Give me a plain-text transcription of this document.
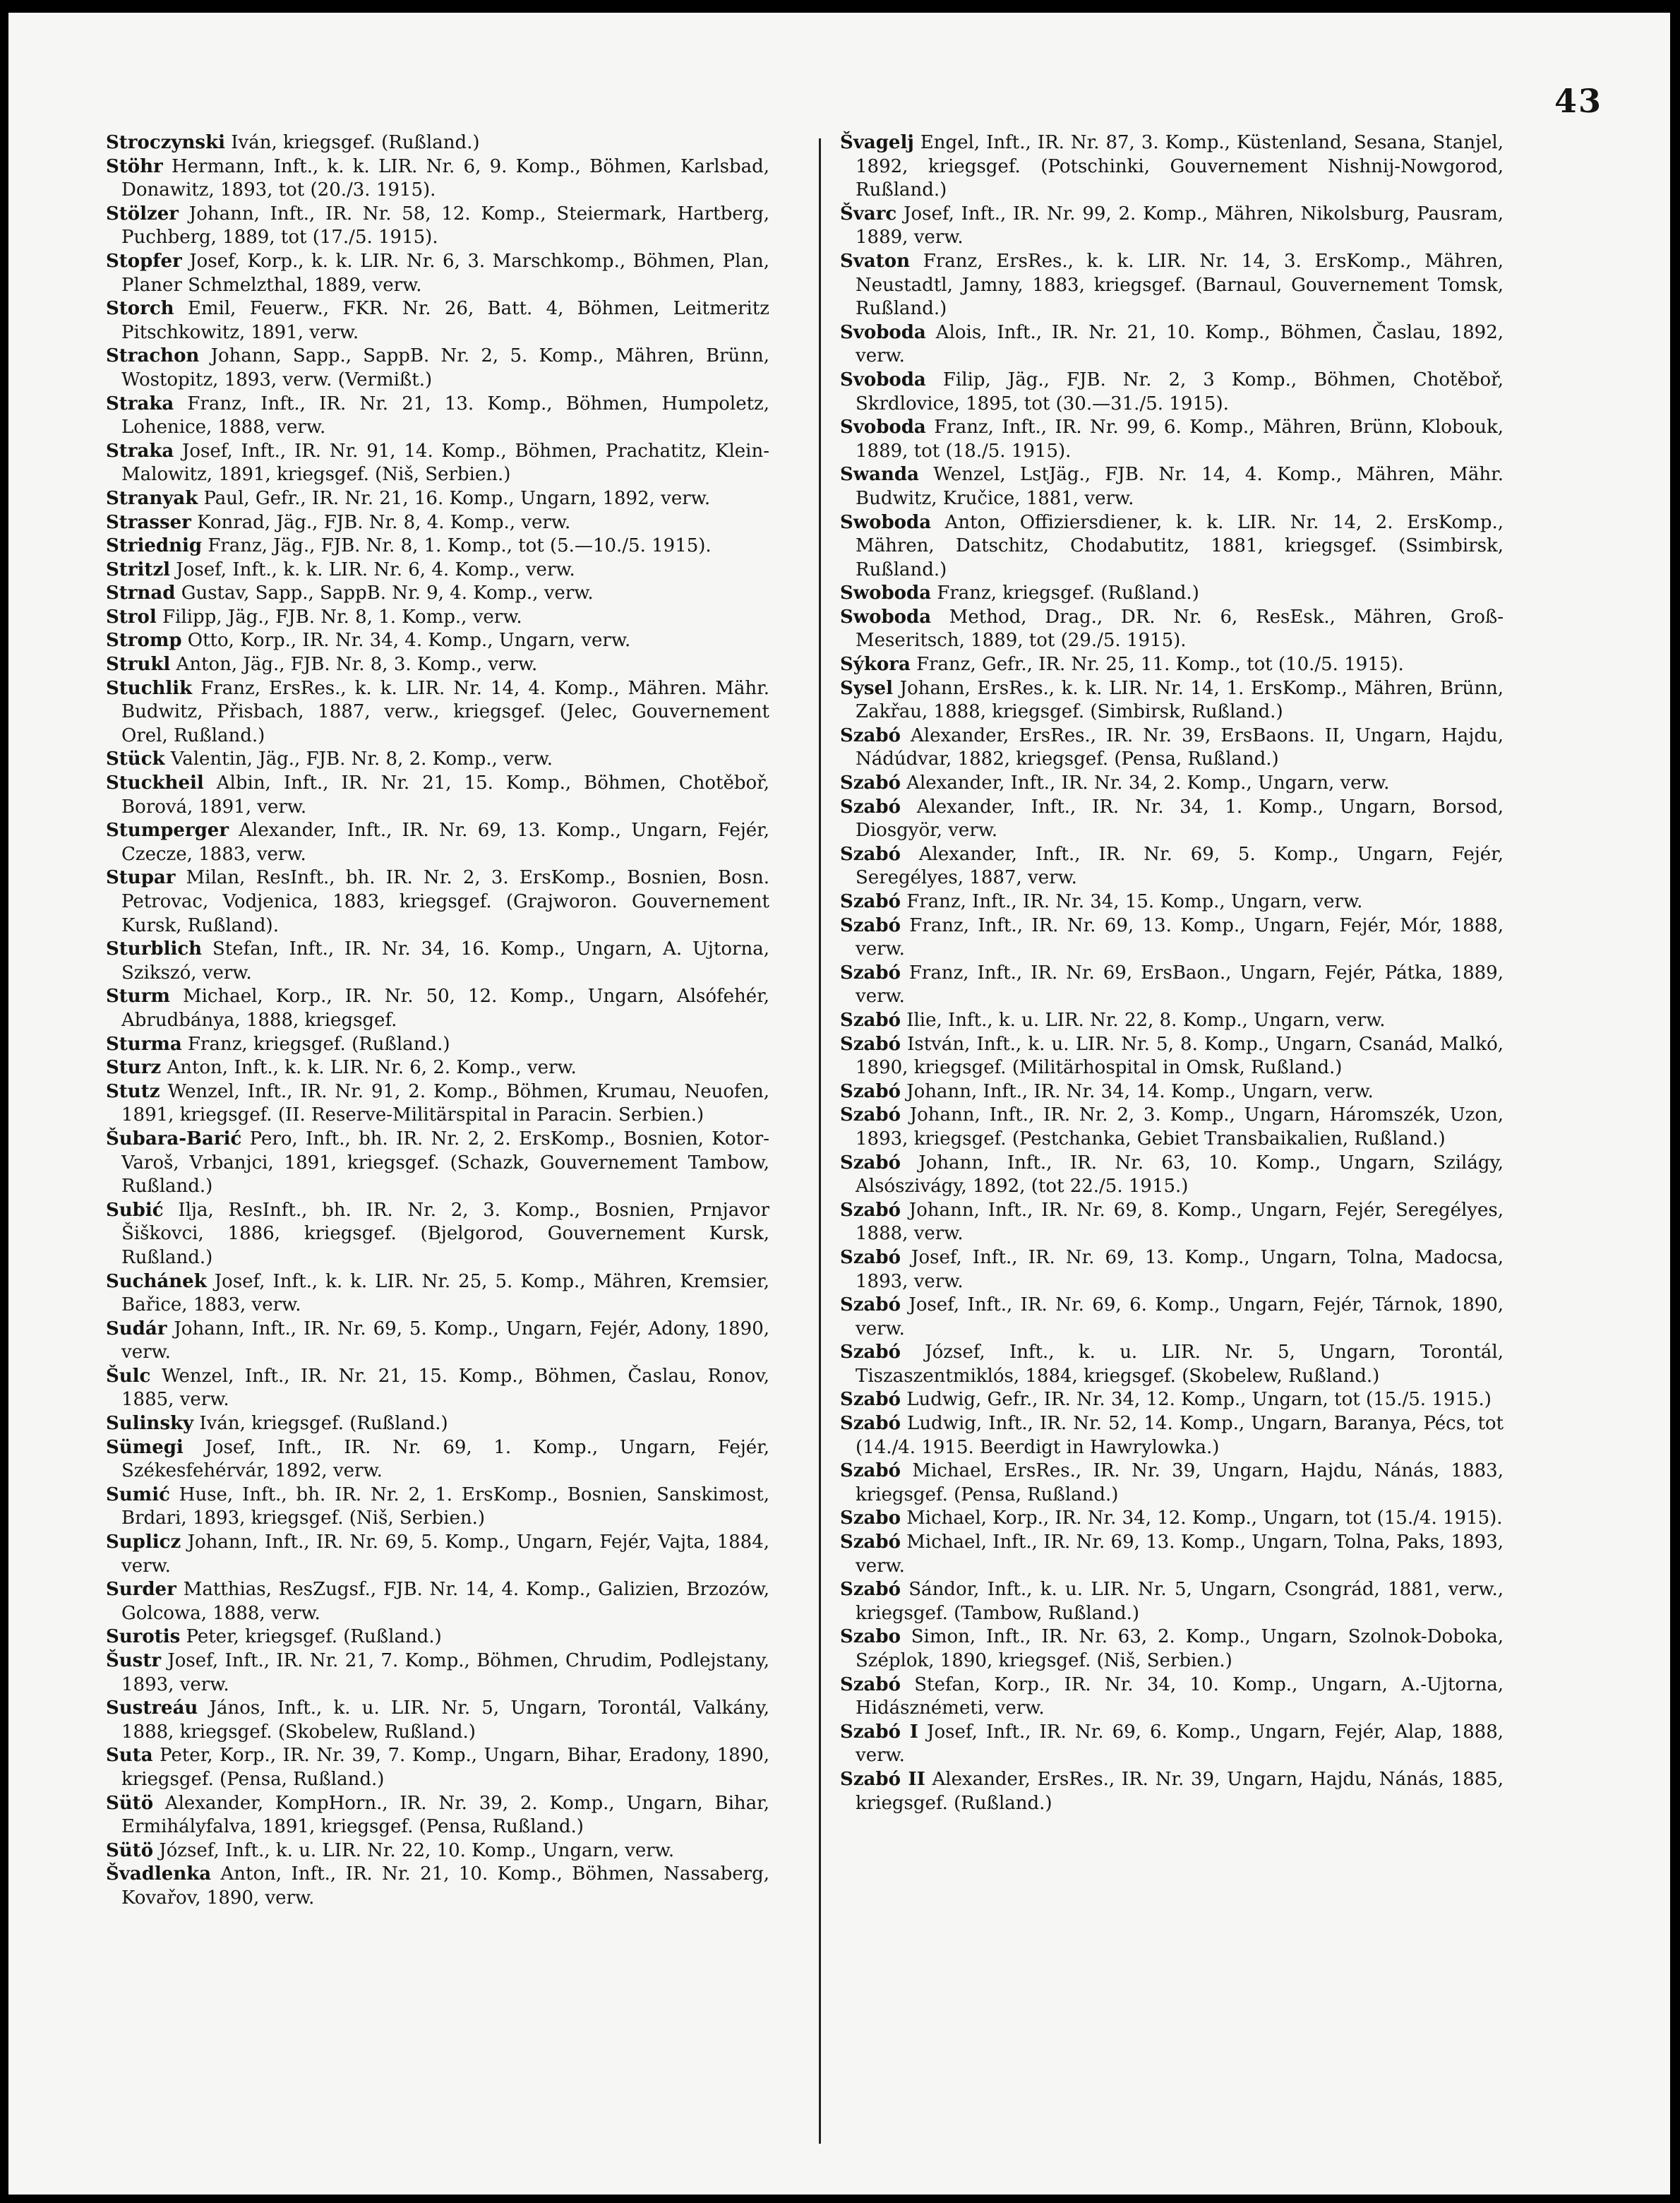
43

Stroczynski Iván, kriegsgef. (Rußland.)

Stöhr Hermann, Inft., k. k. LIR. Nr. 6, 9. Komp., Böhmen, Karlsbad, Donawitz, 1893, tot (20./3. 1915).

Stölzer Johann, Inft., IR. Nr. 58, 12. Komp., Steiermark, Hartberg, Puchberg, 1889, tot (17./5. 1915).

Stopfer Josef, Korp., k. k. LIR. Nr. 6, 3. Marschkomp., Böhmen, Plan, Planer Schmelzthal, 1889, verw.

Storch Emil, Feuerw., FKR. Nr. 26, Batt. 4, Böhmen, Leitmeritz Pitschkowitz, 1891, verw.

Strachon Johann, Sapp., SappB. Nr. 2, 5. Komp., Mähren, Brünn, Wostopitz, 1893, verw. (Vermißt.)

Straka Franz, Inft., IR. Nr. 21, 13. Komp., Böhmen, Humpoletz, Lohenice, 1888, verw.

Straka Josef, Inft., IR. Nr. 91, 14. Komp., Böhmen, Prachatitz, Klein-Malowitz, 1891, kriegsgef. (Niš, Serbien.)

Stranyak Paul, Gefr., IR. Nr. 21, 16. Komp., Ungarn, 1892, verw.

Strasser Konrad, Jäg., FJB. Nr. 8, 4. Komp., verw.

Striednig Franz, Jäg., FJB. Nr. 8, 1. Komp., tot (5.—10./5. 1915).

Stritzl Josef, Inft., k. k. LIR. Nr. 6, 4. Komp., verw.

Strnad Gustav, Sapp., SappB. Nr. 9, 4. Komp., verw.

Strol Filipp, Jäg., FJB. Nr. 8, 1. Komp., verw.

Stromp Otto, Korp., IR. Nr. 34, 4. Komp., Ungarn, verw.

Strukl Anton, Jäg., FJB. Nr. 8, 3. Komp., verw.

Stuchlik Franz, ErsRes., k. k. LIR. Nr. 14, 4. Komp., Mähren. Mähr. Budwitz, Přisbach, 1887, verw., kriegsgef. (Jelec, Gouvernement Orel, Rußland.)

Stück Valentin, Jäg., FJB. Nr. 8, 2. Komp., verw.

Stuckheil Albin, Inft., IR. Nr. 21, 15. Komp., Böhmen, Chotěboř, Borová, 1891, verw.

Stumperger Alexander, Inft., IR. Nr. 69, 13. Komp., Ungarn, Fejér, Czecze, 1883, verw.

Stupar Milan, ResInft., bh. IR. Nr. 2, 3. ErsKomp., Bosnien, Bosn. Petrovac, Vodjenica, 1883, kriegsgef. (Grajworon. Gouvernement Kursk, Rußland).

Sturblich Stefan, Inft., IR. Nr. 34, 16. Komp., Ungarn, A. Ujtorna, Szikszó, verw.

Sturm Michael, Korp., IR. Nr. 50, 12. Komp., Ungarn, Alsófehér, Abrudbánya, 1888, kriegsgef.

Sturma Franz, kriegsgef. (Rußland.)

Sturz Anton, Inft., k. k. LIR. Nr. 6, 2. Komp., verw.

Stutz Wenzel, Inft., IR. Nr. 91, 2. Komp., Böhmen, Krumau, Neuofen, 1891, kriegsgef. (II. Reserve-Militärspital in Paracin. Serbien.)

Šubara-Barić Pero, Inft., bh. IR. Nr. 2, 2. ErsKomp., Bosnien, Kotor-Varoš, Vrbanjci, 1891, kriegsgef. (Schazk, Gouvernement Tambow, Rußland.)

Subić Ilja, ResInft., bh. IR. Nr. 2, 3. Komp., Bosnien, Prnjavor Šiškovci, 1886, kriegsgef. (Bjelgorod, Gouvernement Kursk, Rußland.)

Suchánek Josef, Inft., k. k. LIR. Nr. 25, 5. Komp., Mähren, Kremsier, Bařice, 1883, verw.

Sudár Johann, Inft., IR. Nr. 69, 5. Komp., Ungarn, Fejér, Adony, 1890, verw.

Šulc Wenzel, Inft., IR. Nr. 21, 15. Komp., Böhmen, Časlau, Ronov, 1885, verw.

Sulinsky Iván, kriegsgef. (Rußland.)

Sümegi Josef, Inft., IR. Nr. 69, 1. Komp., Ungarn, Fejér, Székesfehérvár, 1892, verw.

Sumić Huse, Inft., bh. IR. Nr. 2, 1. ErsKomp., Bosnien, Sanskimost, Brdari, 1893, kriegsgef. (Niš, Serbien.)

Suplicz Johann, Inft., IR. Nr. 69, 5. Komp., Ungarn, Fejér, Vajta, 1884, verw.

Surder Matthias, ResZugsf., FJB. Nr. 14, 4. Komp., Galizien, Brzozów, Golcowa, 1888, verw.

Surotis Peter, kriegsgef. (Rußland.)

Šustr Josef, Inft., IR. Nr. 21, 7. Komp., Böhmen, Chrudim, Podlejstany, 1893, verw.

Sustreáu János, Inft., k. u. LIR. Nr. 5, Ungarn, Torontál, Valkány, 1888, kriegsgef. (Skobelew, Rußland.)

Suta Peter, Korp., IR. Nr. 39, 7. Komp., Ungarn, Bihar, Eradony, 1890, kriegsgef. (Pensa, Rußland.)

Sütö Alexander, KompHorn., IR. Nr. 39, 2. Komp., Ungarn, Bihar, Ermihályfalva, 1891, kriegsgef. (Pensa, Rußland.)

Sütö József, Inft., k. u. LIR. Nr. 22, 10. Komp., Ungarn, verw.

Švadlenka Anton, Inft., IR. Nr. 21, 10. Komp., Böhmen, Nassaberg, Kovařov, 1890, verw.

Švagelj Engel, Inft., IR. Nr. 87, 3. Komp., Küstenland, Sesana, Stanjel, 1892, kriegsgef. (Potschinki, Gouvernement Nishnij-Nowgorod, Rußland.)

Švarc Josef, Inft., IR. Nr. 99, 2. Komp., Mähren, Nikolsburg, Pausram, 1889, verw.

Svaton Franz, ErsRes., k. k. LIR. Nr. 14, 3. ErsKomp., Mähren, Neustadtl, Jamny, 1883, kriegsgef. (Barnaul, Gouvernement Tomsk, Rußland.)

Svoboda Alois, Inft., IR. Nr. 21, 10. Komp., Böhmen, Časlau, 1892, verw.

Svoboda Filip, Jäg., FJB. Nr. 2, 3 Komp., Böhmen, Chotěboř, Skrdlovice, 1895, tot (30.—31./5. 1915).

Svoboda Franz, Inft., IR. Nr. 99, 6. Komp., Mähren, Brünn, Klobouk, 1889, tot (18./5. 1915).

Swanda Wenzel, LstJäg., FJB. Nr. 14, 4. Komp., Mähren, Mähr. Budwitz, Kručice, 1881, verw.

Swoboda Anton, Offiziersdiener, k. k. LIR. Nr. 14, 2. ErsKomp., Mähren, Datschitz, Chodabutitz, 1881, kriegsgef. (Ssimbirsk, Rußland.)

Swoboda Franz, kriegsgef. (Rußland.)

Swoboda Method, Drag., DR. Nr. 6, ResEsk., Mähren, Groß-Meseritsch, 1889, tot (29./5. 1915).

Sýkora Franz, Gefr., IR. Nr. 25, 11. Komp., tot (10./5. 1915).

Sysel Johann, ErsRes., k. k. LIR. Nr. 14, 1. ErsKomp., Mähren, Brünn, Zakřau, 1888, kriegsgef. (Simbirsk, Rußland.)

Szabó Alexander, ErsRes., IR. Nr. 39, ErsBaons. II, Ungarn, Hajdu, Nádúdvar, 1882, kriegsgef. (Pensa, Rußland.)

Szabó Alexander, Inft., IR. Nr. 34, 2. Komp., Ungarn, verw.

Szabó Alexander, Inft., IR. Nr. 34, 1. Komp., Ungarn, Borsod, Diosgyör, verw.

Szabó Alexander, Inft., IR. Nr. 69, 5. Komp., Ungarn, Fejér, Seregélyes, 1887, verw.

Szabó Franz, Inft., IR. Nr. 34, 15. Komp., Ungarn, verw.

Szabó Franz, Inft., IR. Nr. 69, 13. Komp., Ungarn, Fejér, Mór, 1888, verw.

Szabó Franz, Inft., IR. Nr. 69, ErsBaon., Ungarn, Fejér, Pátka, 1889, verw.

Szabó Ilie, Inft., k. u. LIR. Nr. 22, 8. Komp., Ungarn, verw.

Szabó István, Inft., k. u. LIR. Nr. 5, 8. Komp., Ungarn, Csanád, Malkó, 1890, kriegsgef. (Militärhospital in Omsk, Rußland.)

Szabó Johann, Inft., IR. Nr. 34, 14. Komp., Ungarn, verw.

Szabó Johann, Inft., IR. Nr. 2, 3. Komp., Ungarn, Háromszék, Uzon, 1893, kriegsgef. (Pestchanka, Gebiet Transbaikalien, Rußland.)

Szabó Johann, Inft., IR. Nr. 63, 10. Komp., Ungarn, Szilágy, Alsószivágy, 1892, (tot 22./5. 1915.)

Szabó Johann, Inft., IR. Nr. 69, 8. Komp., Ungarn, Fejér, Seregélyes, 1888, verw.

Szabó Josef, Inft., IR. Nr. 69, 13. Komp., Ungarn, Tolna, Madocsa, 1893, verw.

Szabó Josef, Inft., IR. Nr. 69, 6. Komp., Ungarn, Fejér, Tárnok, 1890, verw.

Szabó József, Inft., k. u. LIR. Nr. 5, Ungarn, Torontál, Tiszaszentmiklós, 1884, kriegsgef. (Skobelew, Rußland.)

Szabó Ludwig, Gefr., IR. Nr. 34, 12. Komp., Ungarn, tot (15./5. 1915.)

Szabó Ludwig, Inft., IR. Nr. 52, 14. Komp., Ungarn, Baranya, Pécs, tot (14./4. 1915. Beerdigt in Hawrylowka.)

Szabó Michael, ErsRes., IR. Nr. 39, Ungarn, Hajdu, Nánás, 1883, kriegsgef. (Pensa, Rußland.)

Szabo Michael, Korp., IR. Nr. 34, 12. Komp., Ungarn, tot (15./4. 1915).

Szabó Michael, Inft., IR. Nr. 69, 13. Komp., Ungarn, Tolna, Paks, 1893, verw.

Szabó Sándor, Inft., k. u. LIR. Nr. 5, Ungarn, Csongrád, 1881, verw., kriegsgef. (Tambow, Rußland.)

Szabo Simon, Inft., IR. Nr. 63, 2. Komp., Ungarn, Szolnok-Doboka, Széplok, 1890, kriegsgef. (Niš, Serbien.)

Szabó Stefan, Korp., IR. Nr. 34, 10. Komp., Ungarn, A.-Ujtorna, Hidásznémeti, verw.

Szabó I Josef, Inft., IR. Nr. 69, 6. Komp., Ungarn, Fejér, Alap, 1888, verw.

Szabó II Alexander, ErsRes., IR. Nr. 39, Ungarn, Hajdu, Nánás, 1885, kriegsgef. (Rußland.)
